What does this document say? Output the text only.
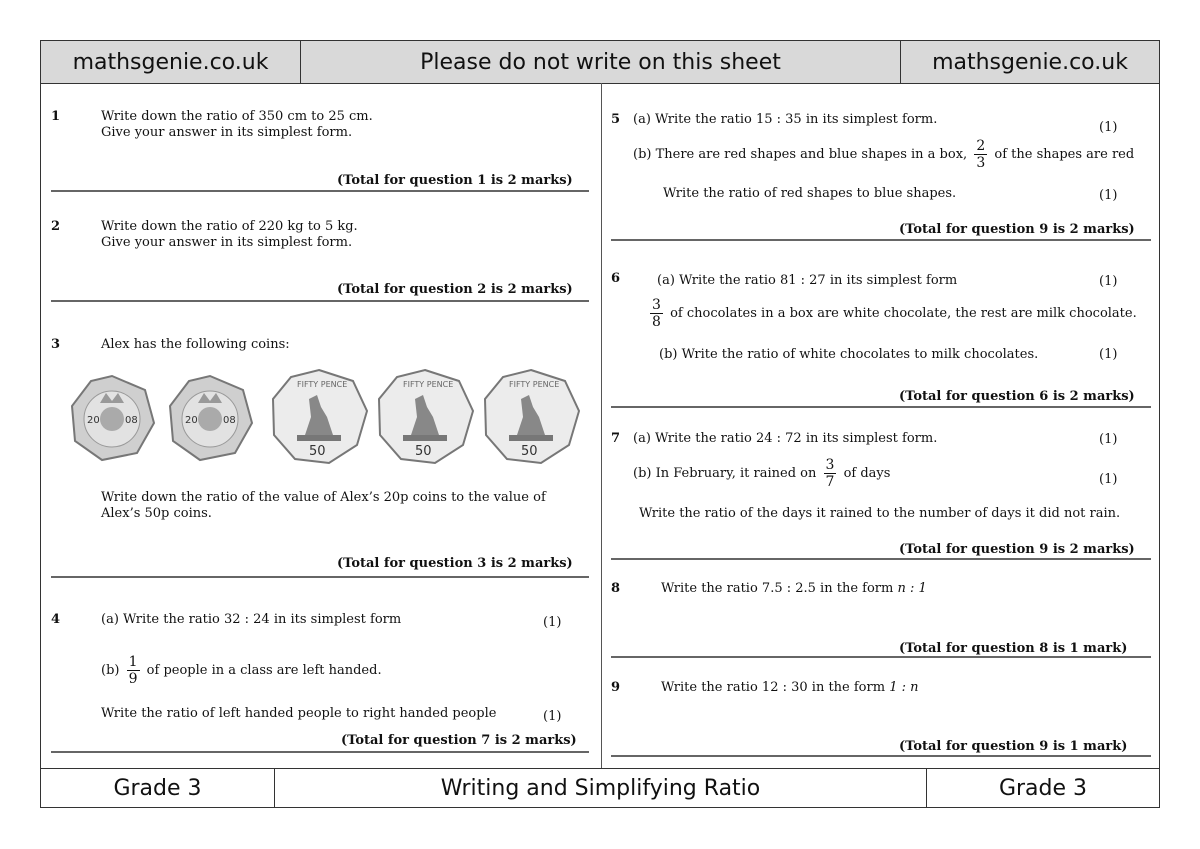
mathsgenie.co.uk	Please do not write on this sheet	mathsgenie.co.uk
1	Write down the ratio of 350 cm to 25 cm.
Give your answer in its simplest form.
(Total for question 1 is 2 marks)
2	Write down the ratio of 220 kg to 5 kg.
Give your answer in its simplest form.
(Total for question 2 is 2 marks)
3	Alex has the following coins:
20	08	20	08
FIFTY PENCE
50
FIFTY PENCE
50
FIFTY PENCE
50
Write down the ratio of the value of Alex’s 20p coins to the value of
Alex’s 50p coins.
(Total for question 3 is 2 marks)
4	(a) Write the ratio 32 : 24 in its simplest form	(1)
$(b) \frac{1}{9}$ of people in a class are left handed.
Write the ratio of left handed people to right handed people	(1)
(Total for question 7 is 2 marks)
5 (a) Write the ratio 15 : 35 in its simplest form.
(1)
(b) There are red shapes and blue shapes in a box, $\frac{2}{3}$ of the shapes are red
Write the ratio of red shapes to blue shapes.	(1)
(Total for question 9 is 2 marks)
6	(a) Write the ratio 81 : 27 in its simplest form	(1)
$\frac{3}{8}$ of chocolates in a box are white chocolate, the rest are milk chocolate.
(b) Write the ratio of white chocolates to milk chocolates.	(1)
(Total for question 6 is 2 marks)
7 (a) Write the ratio 24 : 72 in its simplest form.	(1)
(b) In February, it rained on $\frac{3}{7}$ of days	(1)
Write the ratio of the days it rained to the number of days it did not rain.
(Total for question 9 is 2 marks)
8	Write the ratio 7.5 : 2.5 in the form n : 1
(Total for question 8 is 1 mark)
9	Write the ratio 12 : 30 in the form 1 : n
(Total for question 9 is 1 mark)
Grade 3	Writing and Simplifying Ratio	Grade 3
